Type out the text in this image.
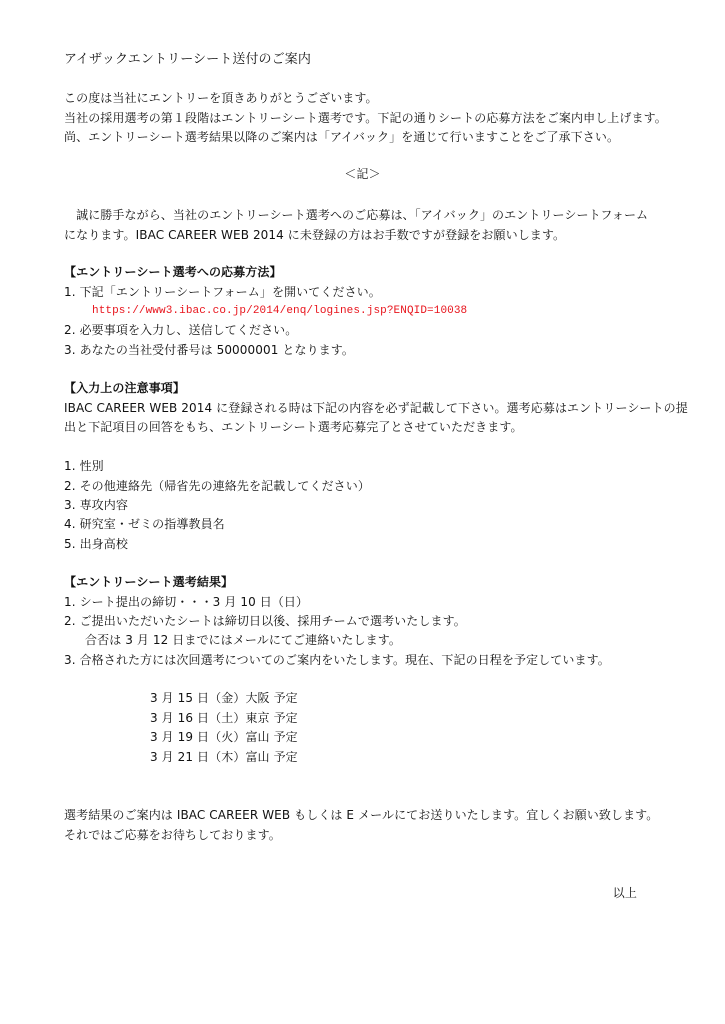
アイザックエントリーシート送付のご案内
この度は当社にエントリーを頂きありがとうございます。
当社の採用選考の第１段階はエントリーシート選考です。下記の通りシートの応募方法をご案内申し上げます。
尚、エントリーシート選考結果以降のご案内は「アイバック」を通じて行いますことをご了承下さい。
＜記＞
　誠に勝手ながら、当社のエントリーシート選考へのご応募は、「アイバック」のエントリーシートフォーム
になります。IBAC CAREER WEB 2014 に未登録の方はお手数ですが登録をお願いします。
【エントリーシート選考への応募方法】
1. 下記「エントリーシートフォーム」を開いてください。
https://www3.ibac.co.jp/2014/enq/logines.jsp?ENQID=10038
2. 必要事項を入力し、送信してください。
3. あなたの当社受付番号は 50000001 となります。
【入力上の注意事項】
IBAC CAREER WEB 2014 に登録される時は下記の内容を必ず記載して下さい。選考応募はエントリーシートの提
出と下記項目の回答をもち、エントリーシート選考応募完了とさせていただきます。
1. 性別
2. その他連絡先（帰省先の連絡先を記載してください）
3. 専攻内容
4. 研究室・ゼミの指導教員名
5. 出身高校
【エントリーシート選考結果】
1. シート提出の締切・・・3 月 10 日（日）
2. ご提出いただいたシートは締切日以後、採用チームで選考いたします。
合否は 3 月 12 日までにはメールにてご連絡いたします。
3. 合格された方には次回選考についてのご案内をいたします。現在、下記の日程を予定しています。
3 月 15 日（金）大阪 予定
3 月 16 日（土）東京 予定
3 月 19 日（火）富山 予定
3 月 21 日（木）富山 予定
選考結果のご案内は IBAC CAREER WEB もしくは E メールにてお送りいたします。宜しくお願い致します。
それではご応募をお待ちしております。
以上
